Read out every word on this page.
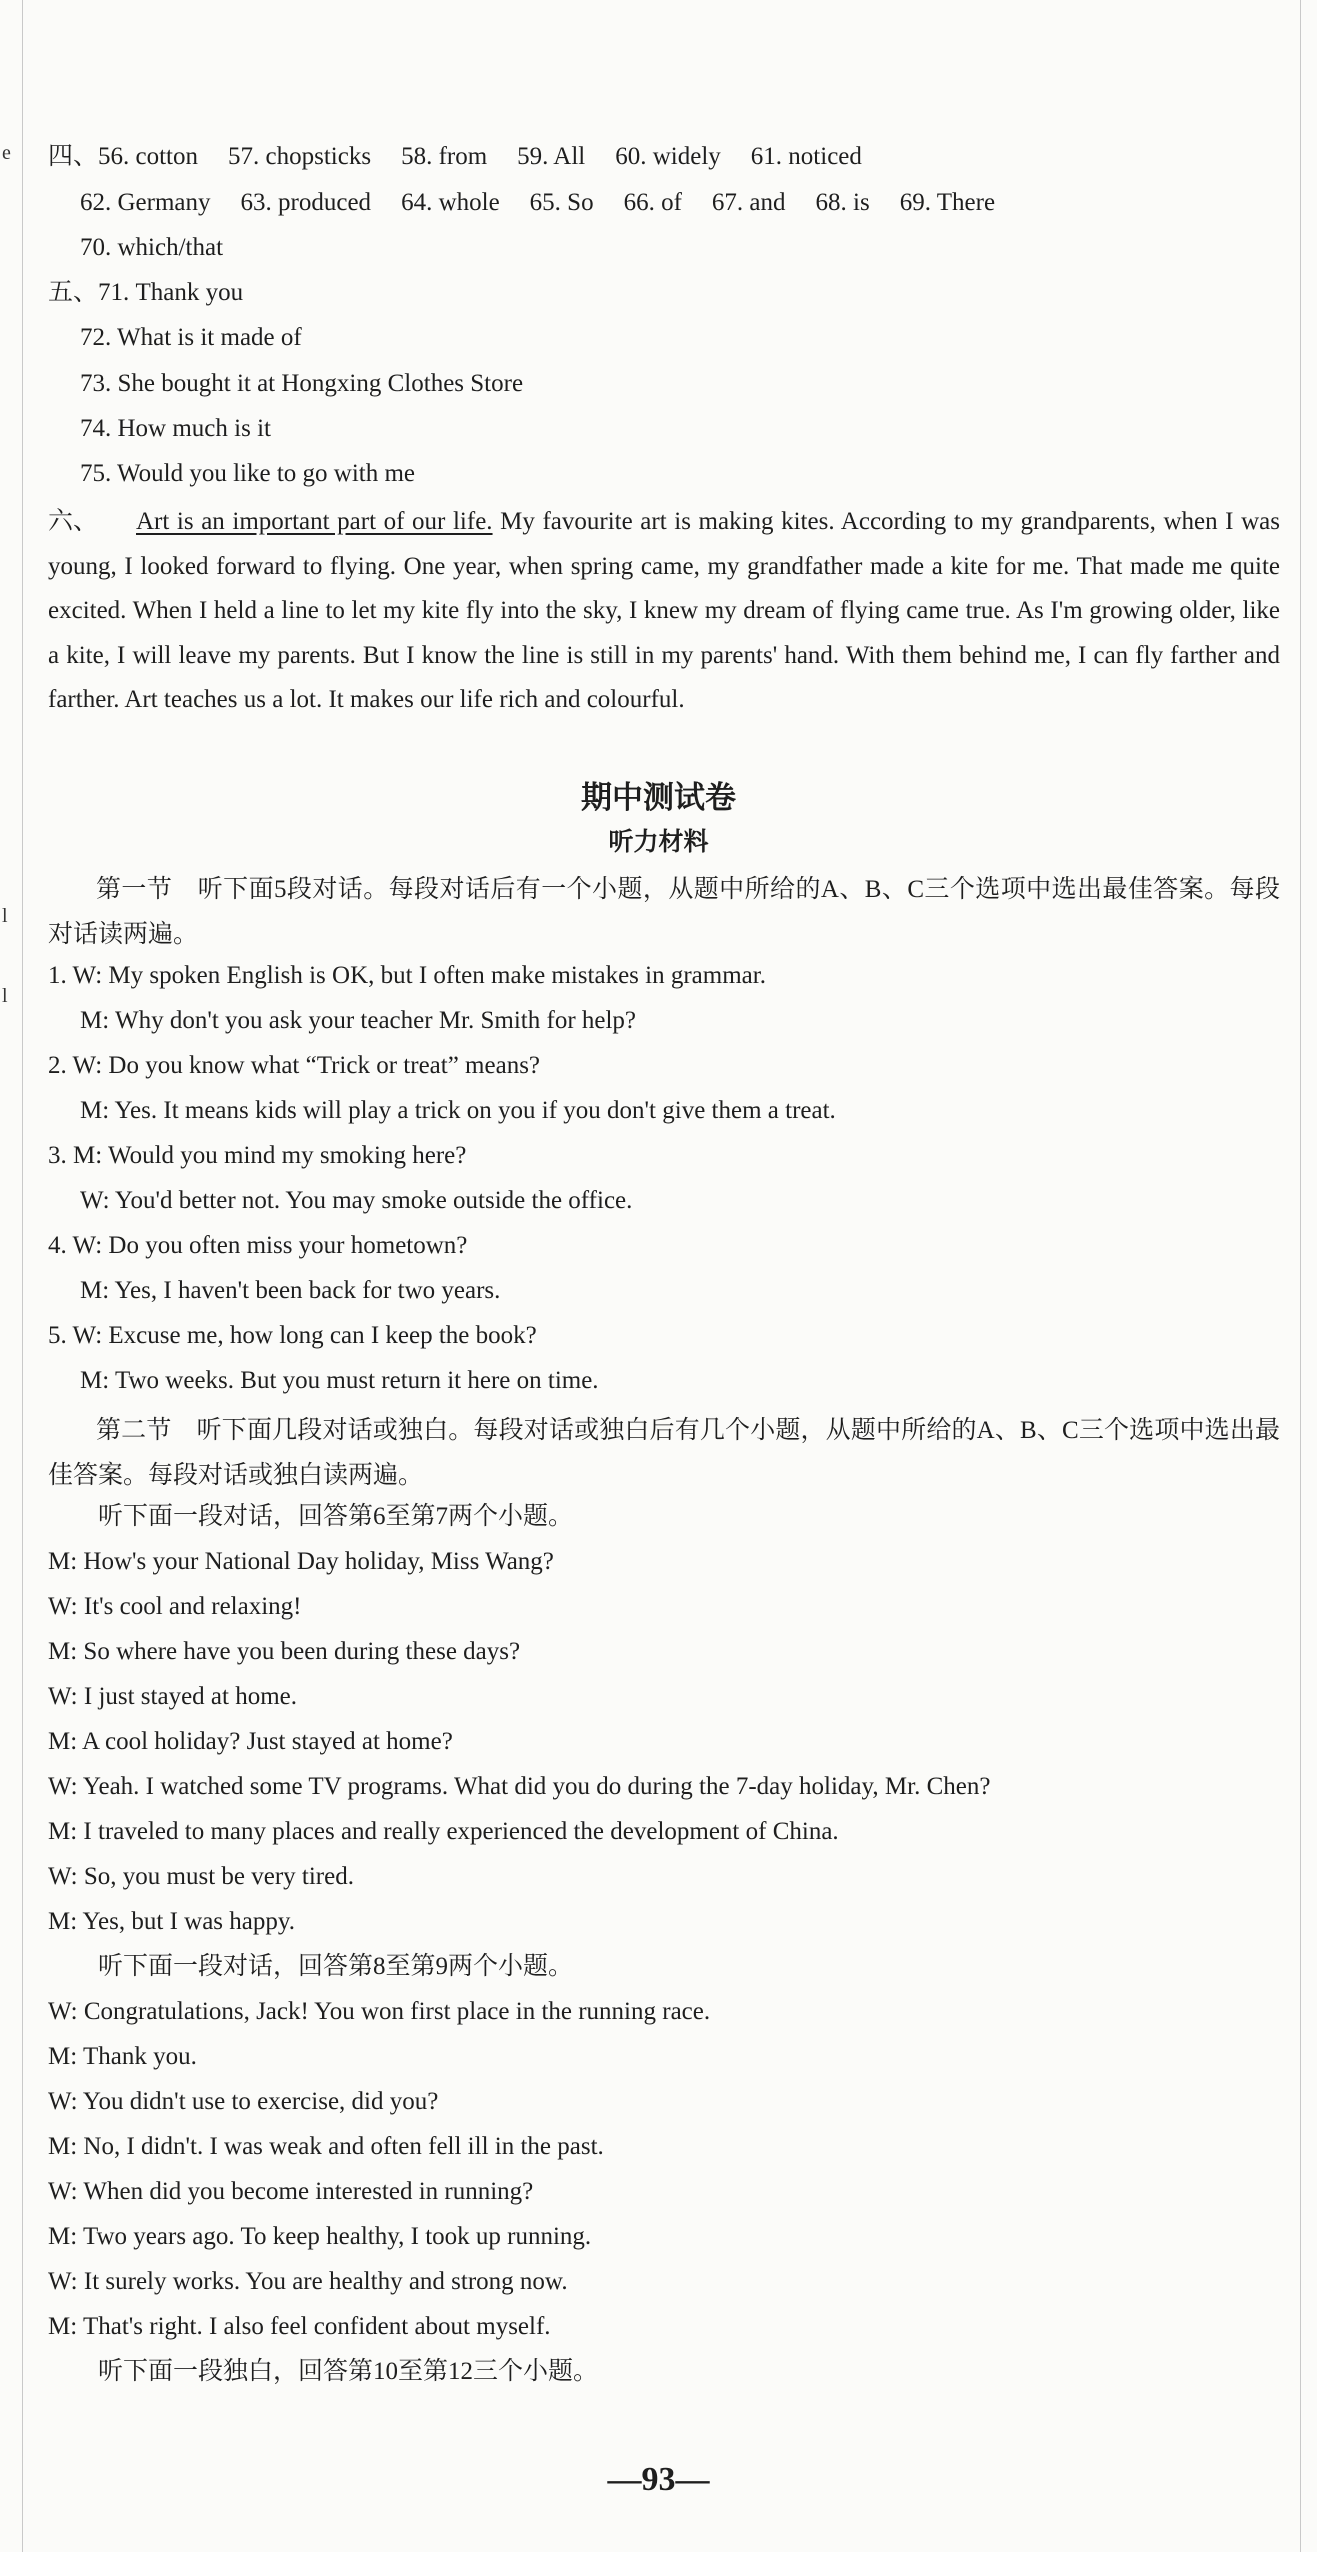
e
l
l
四、56. cotton 57. chopsticks 58. from 59. All 60. widely 61. noticed
62. Germany 63. produced 64. whole 65. So 66. of 67. and 68. is 69. There
70. which/that
五、71. Thank you
72. What is it made of
73. She bought it at Hongxing Clothes Store
74. How much is it
75. Would you like to go with me

六、 Art is an important part of our life. My favourite art is making kites. According to my grandparents, when I was young, I looked forward to flying. One year, when spring came, my grandfather made a kite for me. That made me quite excited. When I held a line to let my kite fly into the sky, I knew my dream of flying came true. As I'm growing older, like a kite, I will leave my parents. But I know the line is still in my parents' hand. With them behind me, I can fly farther and farther. Art teaches us a lot. It makes our life rich and colourful.

期中测试卷
听力材料

第一节　听下面5段对话。每段对话后有一个小题，从题中所给的A、B、C三个选项中选出最佳答案。每段对话读两遍。

1. W: My spoken English is OK, but I often make mistakes in grammar.
M: Why don't you ask your teacher Mr. Smith for help?
2. W: Do you know what “Trick or treat” means?
M: Yes. It means kids will play a trick on you if you don't give them a treat.
3. M: Would you mind my smoking here?
W: You'd better not. You may smoke outside the office.
4. W: Do you often miss your hometown?
M: Yes, I haven't been back for two years.
5. W: Excuse me, how long can I keep the book?
M: Two weeks. But you must return it here on time.

第二节　听下面几段对话或独白。每段对话或独白后有几个小题，从题中所给的A、B、C三个选项中选出最佳答案。每段对话或独白读两遍。

听下面一段对话，回答第6至第7两个小题。
M: How's your National Day holiday, Miss Wang?
W: It's cool and relaxing!
M: So where have you been during these days?
W: I just stayed at home.
M: A cool holiday? Just stayed at home?
W: Yeah. I watched some TV programs. What did you do during the 7-day holiday, Mr. Chen?
M: I traveled to many places and really experienced the development of China.
W: So, you must be very tired.
M: Yes, but I was happy.
听下面一段对话，回答第8至第9两个小题。
W: Congratulations, Jack! You won first place in the running race.
M: Thank you.
W: You didn't use to exercise, did you?
M: No, I didn't. I was weak and often fell ill in the past.
W: When did you become interested in running?
M: Two years ago. To keep healthy, I took up running.
W: It surely works. You are healthy and strong now.
M: That's right. I also feel confident about myself.
听下面一段独白，回答第10至第12三个小题。
—93—
